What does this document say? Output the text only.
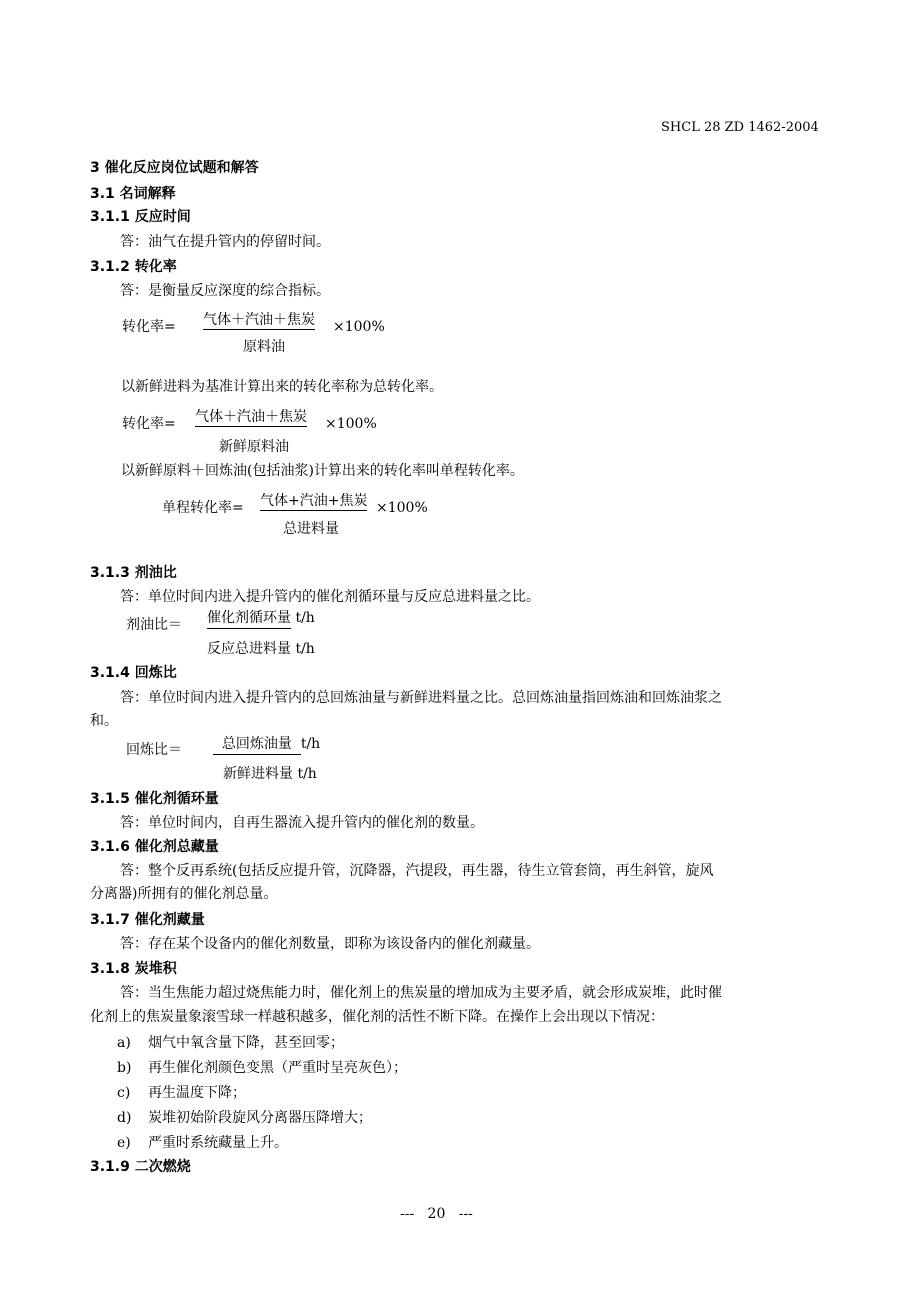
SHCL 28 ZD 1462-2004
3 催化反应岗位试题和解答
3.1 名词解释
3.1.1 反应时间
答：油气在提升管内的停留时间。
3.1.2 转化率
答：是衡量反应深度的综合指标。
转化率= 气体＋汽油＋焦炭 ×100%
原料油
以新鲜进料为基准计算出来的转化率称为总转化率。
转化率= 气体＋汽油＋焦炭 ×100%
新鲜原料油
以新鲜原料＋回炼油(包括油浆)计算出来的转化率叫单程转化率。
单程转化率= 气体+汽油+焦炭 ×100%
总进料量
3.1.3 剂油比
答：单位时间内进入提升管内的催化剂循环量与反应总进料量之比。
剂油比＝ 催化剂循环量 t/h
反应总进料量 t/h
3.1.4 回炼比
答：单位时间内进入提升管内的总回炼油量与新鲜进料量之比。总回炼油量指回炼油和回炼油浆之
和。
回炼比＝ 总回炼油量  t/h
新鲜进料量 t/h
3.1.5 催化剂循环量
答：单位时间内，自再生器流入提升管内的催化剂的数量。
3.1.6 催化剂总藏量
答：整个反再系统(包括反应提升管，沉降器，汽提段，再生器，待生立管套筒，再生斜管，旋风
分离器)所拥有的催化剂总量。
3.1.7 催化剂藏量
答：存在某个设备内的催化剂数量，即称为该设备内的催化剂藏量。
3.1.8 炭堆积
答：当生焦能力超过烧焦能力时，催化剂上的焦炭量的增加成为主要矛盾，就会形成炭堆，此时催
化剂上的焦炭量象滚雪球一样越积越多，催化剂的活性不断下降。在操作上会出现以下情况：
a) 烟气中氧含量下降，甚至回零；
b) 再生催化剂颜色变黑（严重时呈亮灰色）；
c) 再生温度下降；
d) 炭堆初始阶段旋风分离器压降增大；
e) 严重时系统藏量上升。
3.1.9 二次燃烧
---   20   ---
